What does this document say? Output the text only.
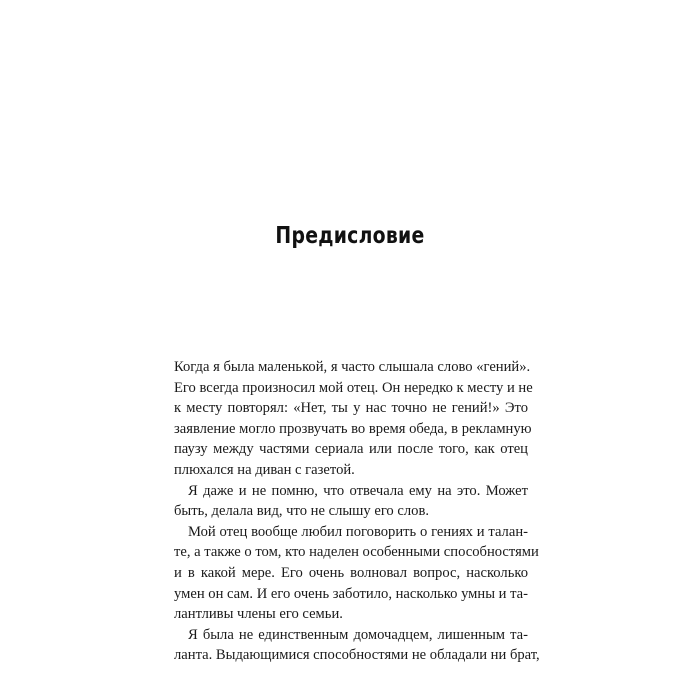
Предисловие
Когда я была маленькой, я часто слышала слово «гений».
Его всегда произносил мой отец. Он нередко к месту и не
к месту повторял: «Нет, ты у нас точно не гений!» Это
заявление могло прозвучать во время обеда, в рекламную
паузу между частями сериала или после того, как отец
плюхался на диван с газетой.
Я даже и не помню, что отвечала ему на это. Может
быть, делала вид, что не слышу его слов.
Мой отец вообще любил поговорить о гениях и талан-
те, а также о том, кто наделен особенными способностями
и в какой мере. Его очень волновал вопрос, насколько
умен он сам. И его очень заботило, насколько умны и та-
лантливы члены его семьи.
Я была не единственным домочадцем, лишенным та-
ланта. Выдающимися способностями не обладали ни брат,
